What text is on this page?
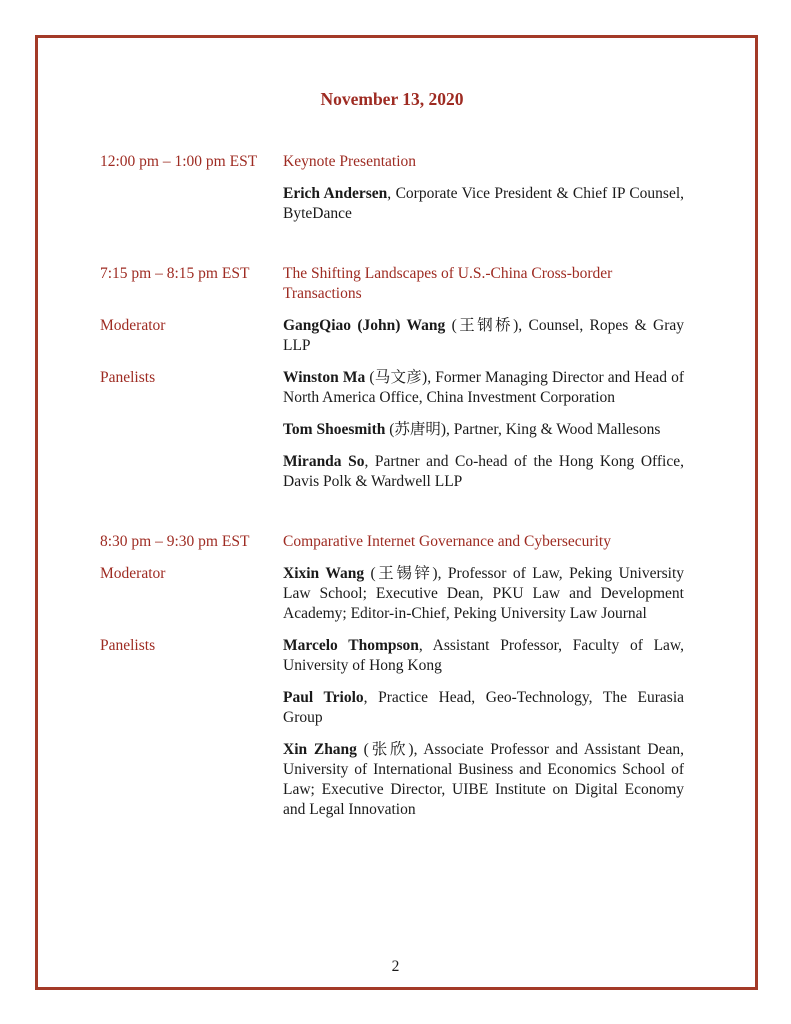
November 13, 2020
12:00 pm – 1:00 pm EST	Keynote Presentation
Erich Andersen, Corporate Vice President & Chief IP Counsel, ByteDance
7:15 pm – 8:15 pm EST	The Shifting Landscapes of U.S.-China Cross-border Transactions
Moderator	GangQiao (John) Wang (王钢桥), Counsel, Ropes & Gray LLP
Panelists	Winston Ma (马文彦), Former Managing Director and Head of North America Office, China Investment Corporation
Tom Shoesmith (苏唐明), Partner, King & Wood Mallesons
Miranda So, Partner and Co-head of the Hong Kong Office, Davis Polk & Wardwell LLP
8:30 pm – 9:30 pm EST	Comparative Internet Governance and Cybersecurity
Moderator	Xixin Wang (王锡锌), Professor of Law, Peking University Law School; Executive Dean, PKU Law and Development Academy; Editor-in-Chief, Peking University Law Journal
Panelists	Marcelo Thompson, Assistant Professor, Faculty of Law, University of Hong Kong
Paul Triolo, Practice Head, Geo-Technology, The Eurasia Group
Xin Zhang (张欣), Associate Professor and Assistant Dean, University of International Business and Economics School of Law; Executive Director, UIBE Institute on Digital Economy and Legal Innovation
2
